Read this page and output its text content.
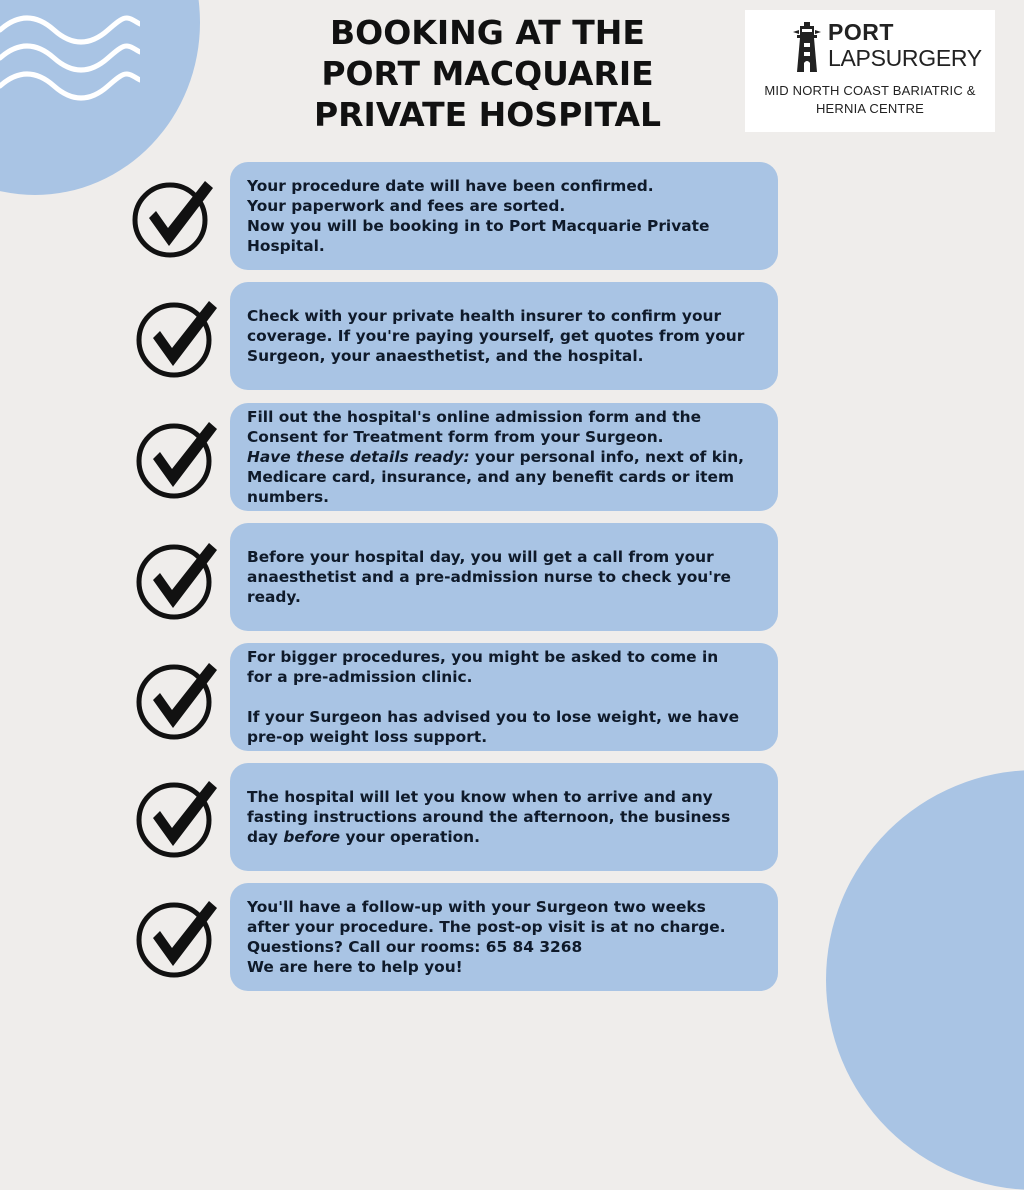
BOOKING AT THE
PORT MACQUARIE
PRIVATE HOSPITAL
PORT
LAPSURGERY
MID NORTH COAST BARIATRIC &
HERNIA CENTRE
Your procedure date will have been confirmed.
Your paperwork and fees are sorted.
Now you will be booking in to Port Macquarie Private
Hospital.
Check with your private health insurer to confirm your
coverage. If you're paying yourself, get quotes from your
Surgeon, your anaesthetist, and the hospital.
Fill out the hospital's online admission form and the
Consent for Treatment form from your Surgeon.
Have these details ready: your personal info, next of kin,
Medicare card, insurance, and any benefit cards or item
numbers.
Before your hospital day, you will get a call from your
anaesthetist and a pre-admission nurse to check you're
ready.
For bigger procedures, you might be asked to come in
for a pre-admission clinic.
If your Surgeon has advised you to lose weight, we have
pre-op weight loss support.
The hospital will let you know when to arrive and any
fasting instructions around the afternoon, the business
day before your operation.
You'll have a follow-up with your Surgeon two weeks
after your procedure. The post-op visit is at no charge.
Questions? Call our rooms: 65 84 3268
We are here to help you!
